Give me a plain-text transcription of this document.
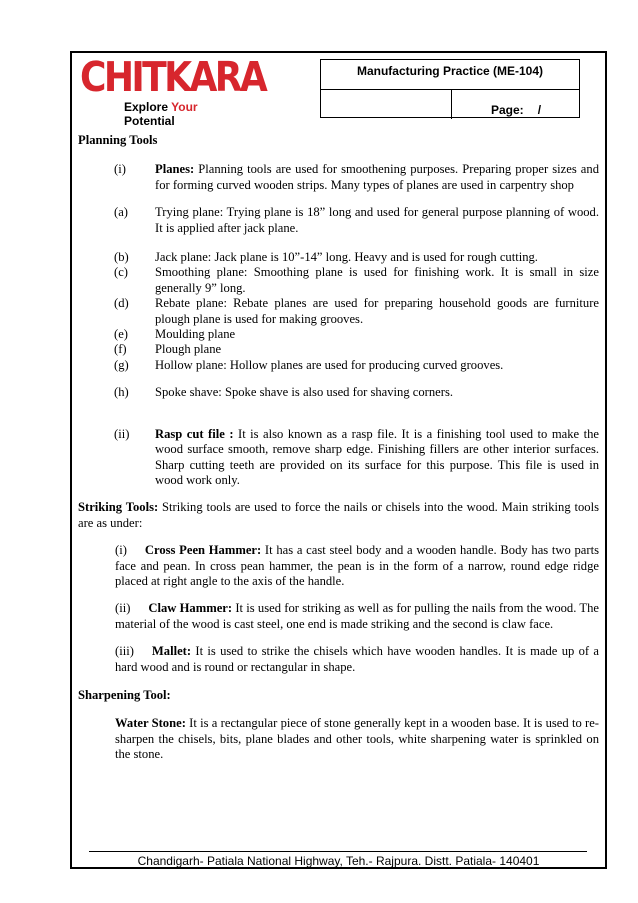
CHITKARA
Explore Your Potential
Manufacturing Practice (ME-104)
Page: /

Planning Tools

(i) Planes: Planning tools are used for smoothening purposes. Preparing proper sizes and for forming curved wooden strips. Many types of planes are used in carpentry shop

(a) Trying plane: Trying plane is 18” long and used for general purpose planning of wood. It is applied after jack plane.

(b) Jack plane: Jack plane is 10”-14” long. Heavy and is used for rough cutting.

(c) Smoothing plane: Smoothing plane is used for finishing work. It is small in size generally 9” long.

(d) Rebate plane: Rebate planes are used for preparing household goods are furniture plough plane is used for making grooves.

(e) Moulding plane

(f) Plough plane

(g) Hollow plane: Hollow planes are used for producing curved grooves.

(h) Spoke shave: Spoke shave is also used for shaving corners.

(ii) Rasp cut file : It is also known as a rasp file. It is a finishing tool used to make the wood surface smooth, remove sharp edge. Finishing fillers are other interior surfaces. Sharp cutting teeth are provided on its surface for this purpose. This file is used in wood work only.

Striking Tools: Striking tools are used to force the nails or chisels into the wood. Main striking tools are as under:

(i) Cross Peen Hammer: It has a cast steel body and a wooden handle. Body has two parts face and pean. In cross pean hammer, the pean is in the form of a narrow, round edge ridge placed at right angle to the axis of the handle.

(ii) Claw Hammer: It is used for striking as well as for pulling the nails from the wood. The material of the wood is cast steel, one end is made striking and the second is claw face.

(iii) Mallet: It is used to strike the chisels which have wooden handles. It is made up of a hard wood and is round or rectangular in shape.

Sharpening Tool:

Water Stone: It is a rectangular piece of stone generally kept in a wooden base. It is used to re-sharpen the chisels, bits, plane blades and other tools, white sharpening water is sprinkled on the stone.

Chandigarh- Patiala National Highway, Teh.- Rajpura. Distt. Patiala- 140401
